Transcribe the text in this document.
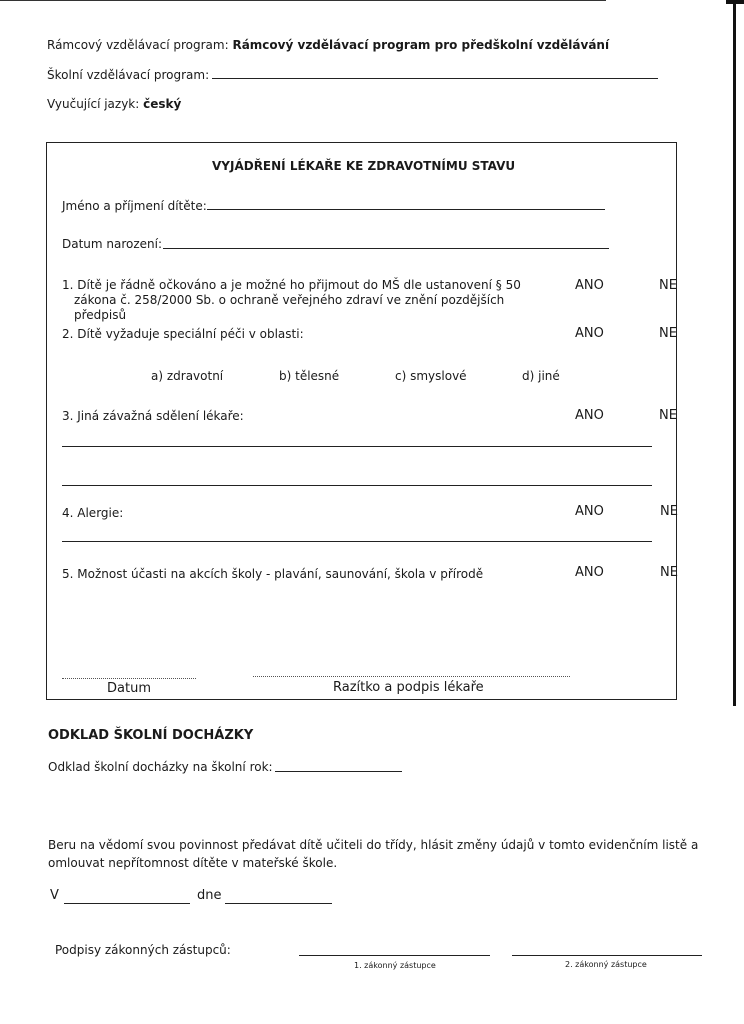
Rámcový vzdělávací program: Rámcový vzdělávací program pro předškolní vzdělávání
Školní vzdělávací program:
Vyučující jazyk: český
VYJÁDŘENÍ LÉKAŘE KE ZDRAVOTNÍMU STAVU
Jméno a příjmení dítěte:
Datum narození:
1. Dítě je řádně očkováno a je možné ho přijmout do MŠ dle ustanovení § 50
zákona č. 258/2000 Sb. o ochraně veřejného zdraví ve znění pozdějších
předpisů
ANO	NE
2. Dítě vyžaduje speciální péči v oblasti:	ANO	NE
a) zdravotní	b) tělesné	c) smyslové	d) jiné
3. Jiná závažná sdělení lékaře:	ANO	NE
4. Alergie:	ANO	NE
5. Možnost účasti na akcích školy - plavání, saunování, škola v přírodě	ANO	NE
Datum	Razítko a podpis lékaře
ODKLAD ŠKOLNÍ DOCHÁZKY
Odklad školní docházky na školní rok:
Beru na vědomí svou povinnost předávat dítě učiteli do třídy, hlásit změny údajů v tomto evidenčním listě a
omlouvat nepřítomnost dítěte v mateřské škole.
V	dne
Podpisy zákonných zástupců:
1. zákonný zástupce	2. zákonný zástupce
